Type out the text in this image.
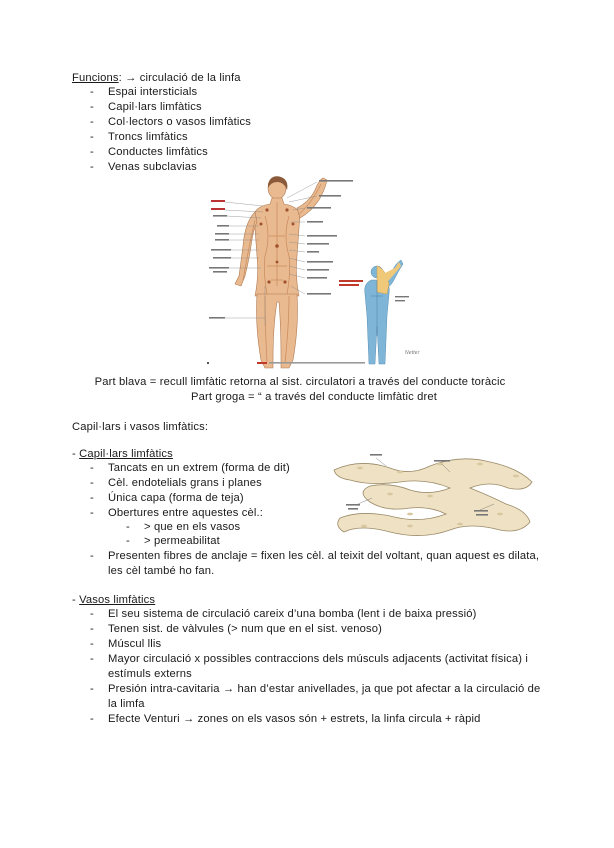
Funcions: → circulació de la linfa
- Espai intersticials
- Capil·lars limfàtics
- Col·lectors o vasos limfàtics
- Troncs limfàtics
- Conductes limfàtics
- Venas subclavias
Netter
Part blava = recull limfàtic retorna al sist. circulatori a través del conducte toràcic
Part groga = “ a través del conducte limfàtic dret
Capil·lars i vasos limfàtics:
- Capil·lars limfàtics
- Tancats en un extrem (forma de dit)
- Cèl. endotelials grans i planes
- Única capa (forma de teja)
- Obertures entre aquestes cèl.:
- > que en els vasos
- > permeabilitat
- Presenten fibres de anclaje = fixen les cèl. al teixit del voltant, quan aquest es dilata,
les cèl també ho fan.
- Vasos limfàtics
- El seu sistema de circulació careix d’una bomba (lent i de baixa pressió)
- Tenen sist. de vàlvules (> num que en el sist. venoso)
- Múscul llis
- Mayor circulació x possibles contraccions dels músculs adjacents (activitat física) i
estímuls externs
- Presión intra-cavitaria → han d’estar anivellades, ja que pot afectar a la circulació de
la limfa
- Efecte Venturi → zones on els vasos són + estrets, la linfa circula + ràpid
